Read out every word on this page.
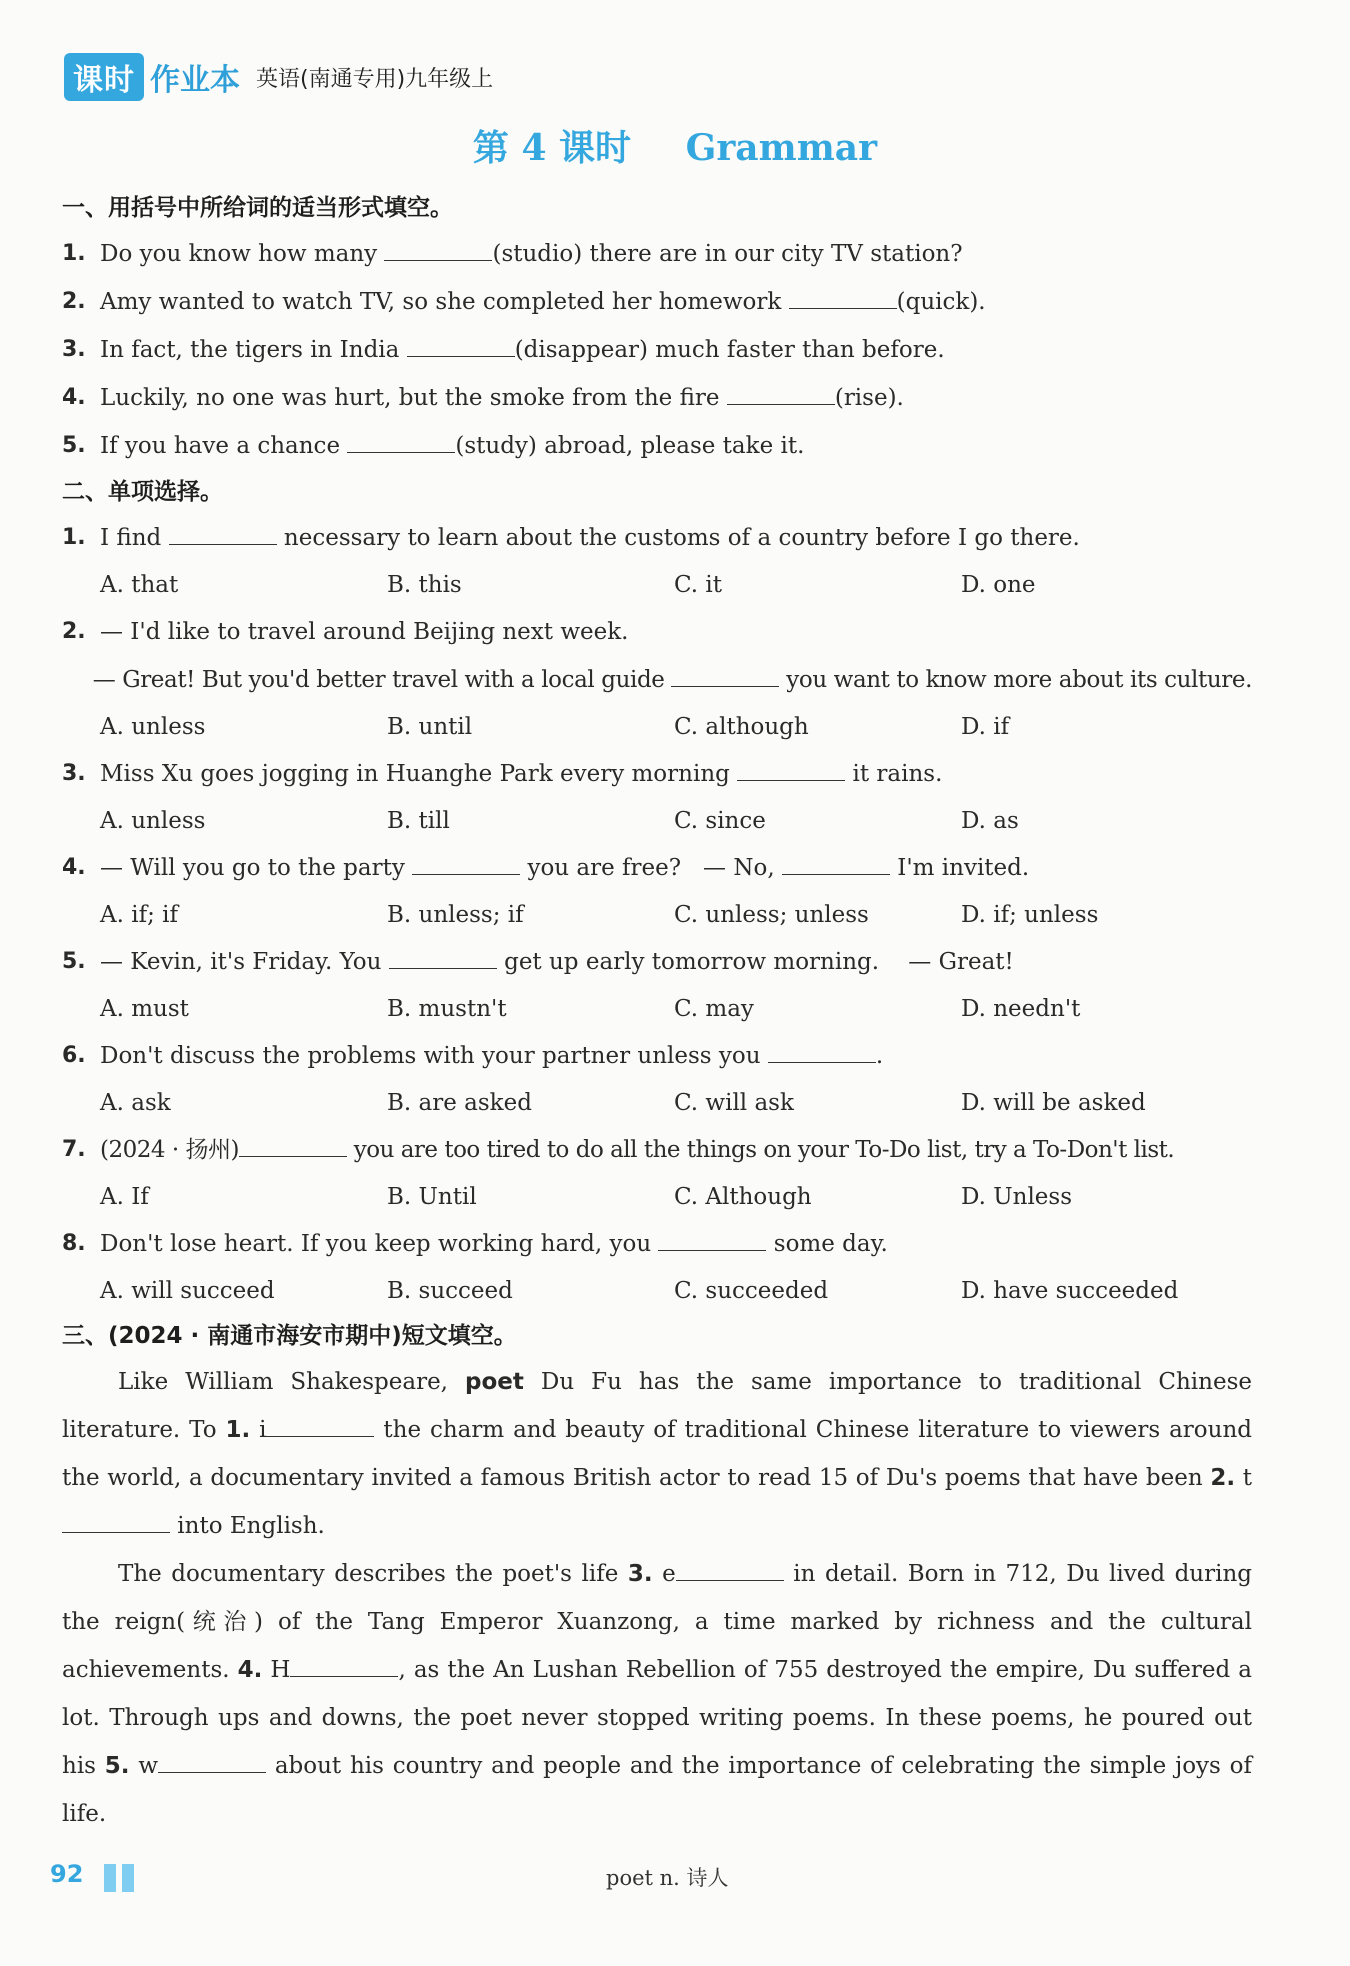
课时 作业本 英语(南通专用)九年级上
第 4 课时 Grammar
一、用括号中所给词的适当形式填空。
1. Do you know how many	(studio) there are in our city TV station?
2. Amy wanted to watch TV, so she completed her homework	(quick).
3. In fact, the tigers in India	(disappear) much faster than before.
4. Luckily, no one was hurt, but the smoke from the fire	(rise).
5. If you have a chance	(study) abroad, please take it.
二、单项选择。
1. I find	necessary to learn about the customs of a country before I go there.
A. that	B. this	C. it	D. one
2. — I'd like to travel around Beijing next week.
— Great! But you'd better travel with a local guide	you want to know more about its culture.
A. unless	B. until	C. although	D. if
3. Miss Xu goes jogging in Huanghe Park every morning	it rains.
A. unless	B. till	C. since	D. as
4. — Will you go to the party	you are free?   — No,	I'm invited.
A. if; if	B. unless; if	C. unless; unless	D. if; unless
5. — Kevin, it's Friday. You	get up early tomorrow morning.    — Great!
A. must	B. mustn't	C. may	D. needn't
6. Don't discuss the problems with your partner unless you	.
A. ask	B. are asked	C. will ask	D. will be asked
7. (2024 · 扬州)	you are too tired to do all the things on your To-Do list, try a To-Don't list.
A. If	B. Until	C. Although	D. Unless
8. Don't lose heart. If you keep working hard, you	some day.
A. will succeed	B. succeed	C. succeeded	D. have succeeded
三、(2024 · 南通市海安市期中)短文填空。

Like William Shakespeare, poet Du Fu has the same importance to traditional Chinese literature. To 1. i	the charm and beauty of traditional Chinese literature to viewers around the world, a documentary invited a famous British actor to read 15 of Du's poems that have been 2. t into English.

The documentary describes the poet's life 3. e	in detail. Born in 712, Du lived during the reign(统治) of the Tang Emperor Xuanzong, a time marked by richness and the cultural achievements. 4. H	, as the An Lushan Rebellion of 755 destroyed the empire, Du suffered a lot. Through ups and downs, the poet never stopped writing poems. In these poems, he poured out his 5. w	about his country and people and the importance of celebrating the simple joys of life.

92	poet n. 诗人
